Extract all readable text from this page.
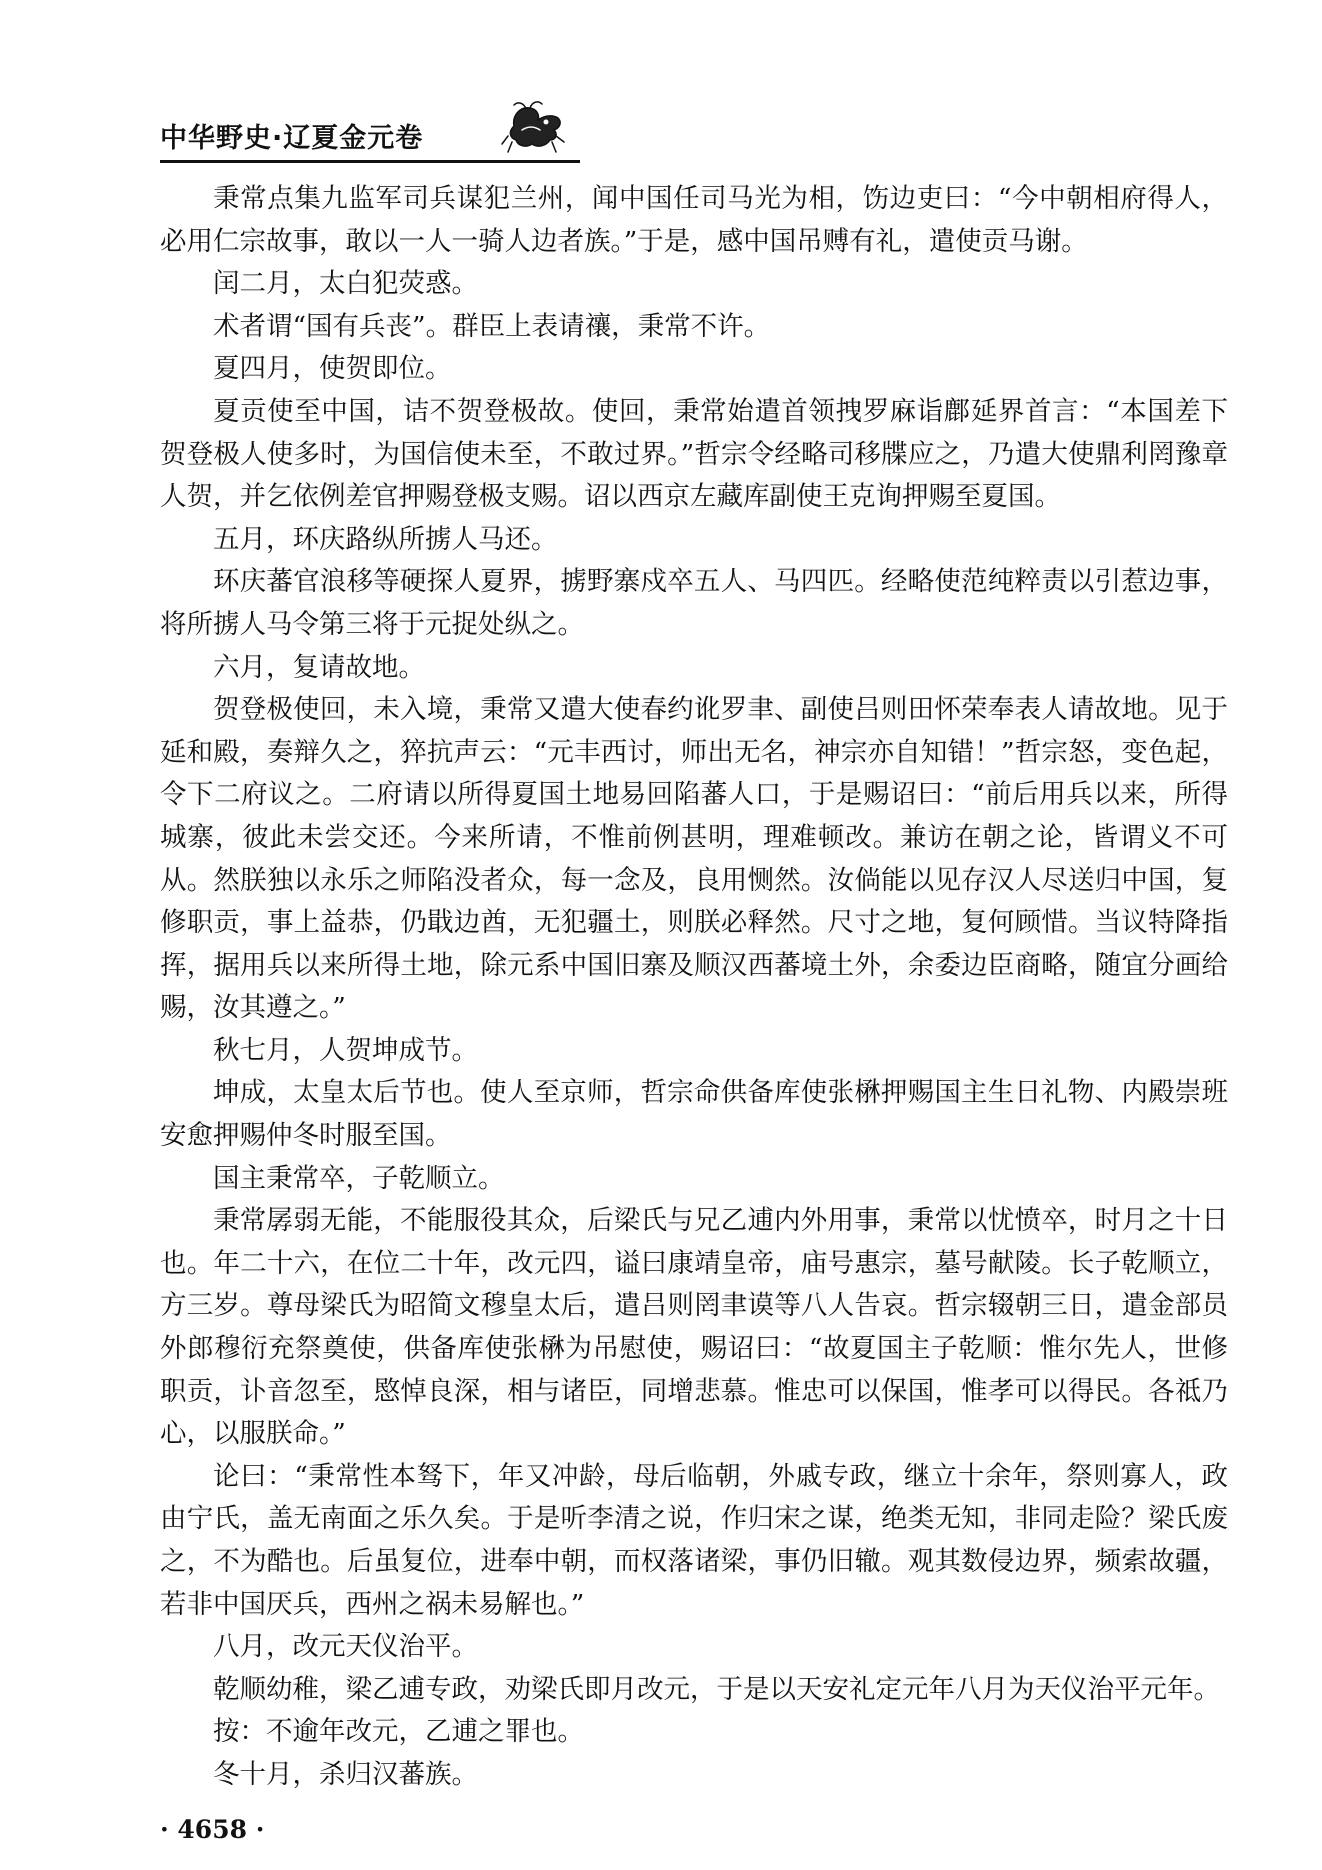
中华野史·辽夏金元卷

秉常点集九监军司兵谋犯兰州，闻中国任司马光为相，饬边吏曰：“今中朝相府得人，必用仁宗故事，敢以一人一骑人边者族。”于是，感中国吊赙有礼，遣使贡马谢。

闰二月，太白犯荧惑。

术者谓“国有兵丧”。群臣上表请禳，秉常不许。

夏四月，使贺即位。

夏贡使至中国，诘不贺登极故。使回，秉常始遣首领拽罗麻诣鄜延界首言：“本国差下贺登极人使多时，为国信使未至，不敢过界。”哲宗令经略司移牒应之，乃遣大使鼎利罔豫章人贺，并乞依例差官押赐登极支赐。诏以西京左藏库副使王克询押赐至夏国。

五月，环庆路纵所掳人马还。

环庆蕃官浪移等硬探人夏界，掳野寨戍卒五人、马四匹。经略使范纯粹责以引惹边事，将所掳人马令第三将于元捉处纵之。

六月，复请故地。

贺登极使回，未入境，秉常又遣大使春约讹罗聿、副使吕则田怀荣奉表人请故地。见于延和殿，奏辩久之，猝抗声云：“元丰西讨，师出无名，神宗亦自知错！”哲宗怒，变色起，令下二府议之。二府请以所得夏国土地易回陷蕃人口，于是赐诏曰：“前后用兵以来，所得城寨，彼此未尝交还。今来所请，不惟前例甚明，理难顿改。兼访在朝之论，皆谓义不可从。然朕独以永乐之师陷没者众，每一念及，良用恻然。汝倘能以见存汉人尽送归中国，复修职贡，事上益恭，仍戢边酋，无犯疆土，则朕必释然。尺寸之地，复何顾惜。当议特降指挥，据用兵以来所得土地，除元系中国旧寨及顺汉西蕃境土外，余委边臣商略，随宜分画给赐，汝其遵之。”

秋七月，人贺坤成节。

坤成，太皇太后节也。使人至京师，哲宗命供备库使张楙押赐国主生日礼物、内殿崇班安愈押赐仲冬时服至国。

国主秉常卒，子乾顺立。

秉常孱弱无能，不能服役其众，后梁氏与兄乙逋内外用事，秉常以忧愤卒，时月之十日也。年二十六，在位二十年，改元四，谥曰康靖皇帝，庙号惠宗，墓号献陵。长子乾顺立，方三岁。尊母梁氏为昭简文穆皇太后，遣吕则罔聿谟等八人告哀。哲宗辍朝三日，遣金部员外郎穆衍充祭奠使，供备库使张楙为吊慰使，赐诏曰：“故夏国主子乾顺：惟尔先人，世修职贡，讣音忽至，愍悼良深，相与诸臣，同增悲慕。惟忠可以保国，惟孝可以得民。各祗乃心，以服朕命。”

论曰：“秉常性本驽下，年又冲龄，母后临朝，外戚专政，继立十余年，祭则寡人，政由宁氏，盖无南面之乐久矣。于是听李清之说，作归宋之谋，绝类无知，非同走险？梁氏废之，不为酷也。后虽复位，进奉中朝，而权落诸梁，事仍旧辙。观其数侵边界，频索故疆，若非中国厌兵，西州之祸未易解也。”

八月，改元天仪治平。

乾顺幼稚，梁乙逋专政，劝梁氏即月改元，于是以天安礼定元年八月为天仪治平元年。

按：不逾年改元，乙逋之罪也。

冬十月，杀归汉蕃族。

· 4658 ·
